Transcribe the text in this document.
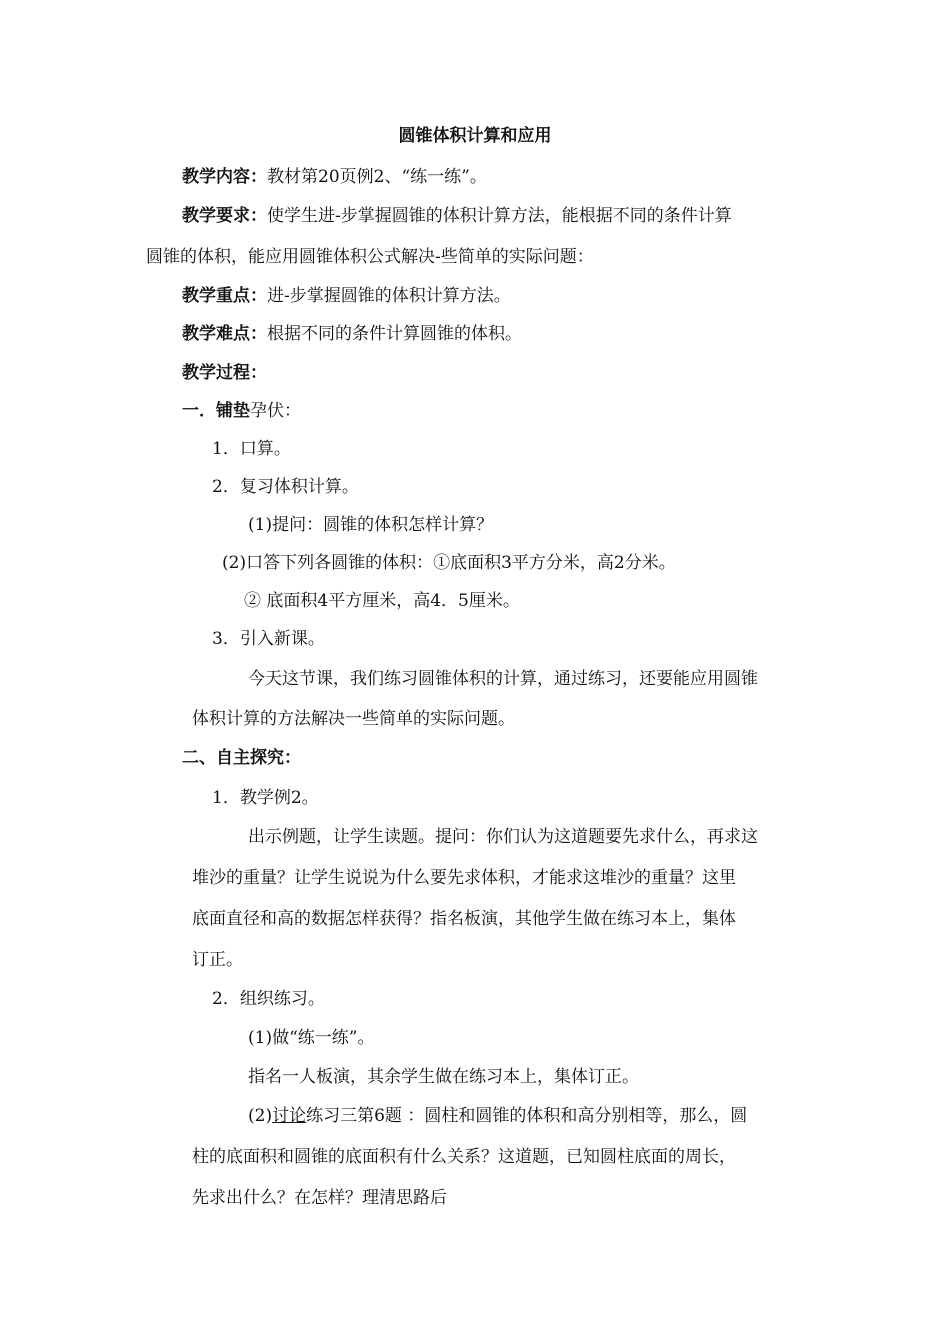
圆锥体积计算和应用
教学内容：教材第20页例2、“练一练”。
教学要求：使学生进-步掌握圆锥的体积计算方法，能根据不同的条件计算
圆锥的体积，能应用圆锥体积公式解决-些简单的实际问题：
教学重点：进-步掌握圆锥的体积计算方法。
教学难点：根据不同的条件计算圆锥的体积。
教学过程：
一．铺垫孕伏：
1．口算。
2．复习体积计算。
(1)提问：圆锥的体积怎样计算？
(2)口答下列各圆锥的体积：①底面积3平方分米，高2分米。
② 底面积4平方厘米，高4．5厘米。
3．引入新课。
今天这节课，我们练习圆锥体积的计算，通过练习，还要能应用圆锥
体积计算的方法解决一些简单的实际问题。
二、自主探究：
1．教学例2。
出示例题，让学生读题。提问：你们认为这道题要先求什么，再求这
堆沙的重量？让学生说说为什么要先求体积，才能求这堆沙的重量？这里
底面直径和高的数据怎样获得？指名板演，其他学生做在练习本上，集体
订正。
2．组织练习。
(1)做“练一练”。
指名一人板演，其余学生做在练习本上，集体订正。
(2)讨论练习三第6题 ：圆柱和圆锥的体积和高分别相等，那么，圆
柱的底面积和圆锥的底面积有什么关系？这道题，已知圆柱底面的周长，
先求出什么？在怎样？理清思路后
